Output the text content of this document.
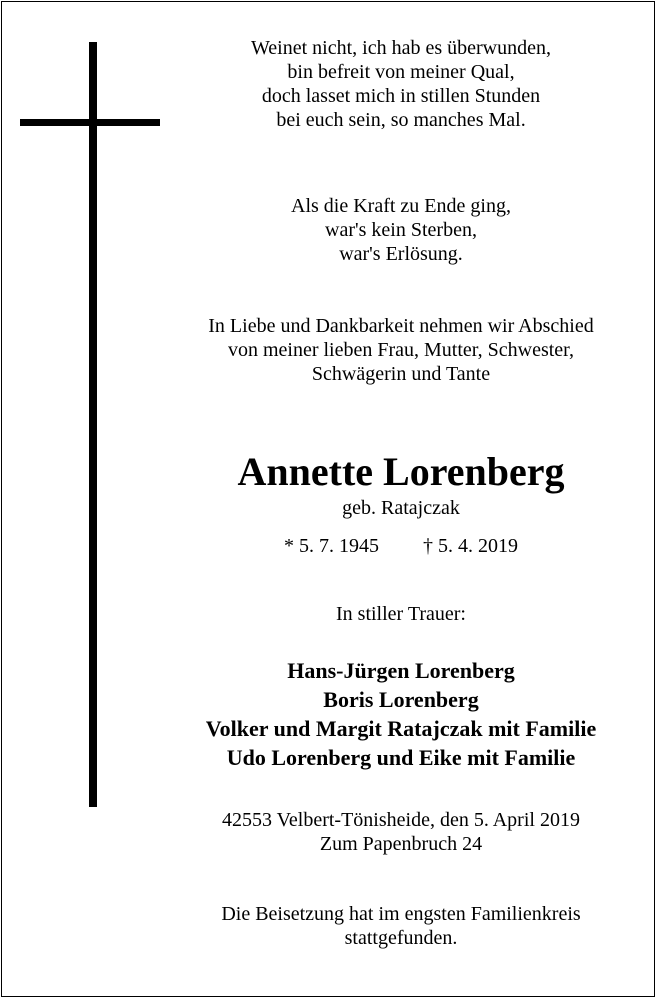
Weinet nicht, ich hab es überwunden,
bin befreit von meiner Qual,
doch lasset mich in stillen Stunden
bei euch sein, so manches Mal.
Als die Kraft zu Ende ging,
war's kein Sterben,
war's Erlösung.
In Liebe und Dankbarkeit nehmen wir Abschied
von meiner lieben Frau, Mutter, Schwester,
Schwägerin und Tante
Annette Lorenberg
geb. Ratajczak
* 5. 7. 1945 † 5. 4. 2019
In stiller Trauer:
Hans-Jürgen Lorenberg
Boris Lorenberg
Volker und Margit Ratajczak mit Familie
Udo Lorenberg und Eike mit Familie
42553 Velbert-Tönisheide, den 5. April 2019
Zum Papenbruch 24
Die Beisetzung hat im engsten Familienkreis
stattgefunden.
